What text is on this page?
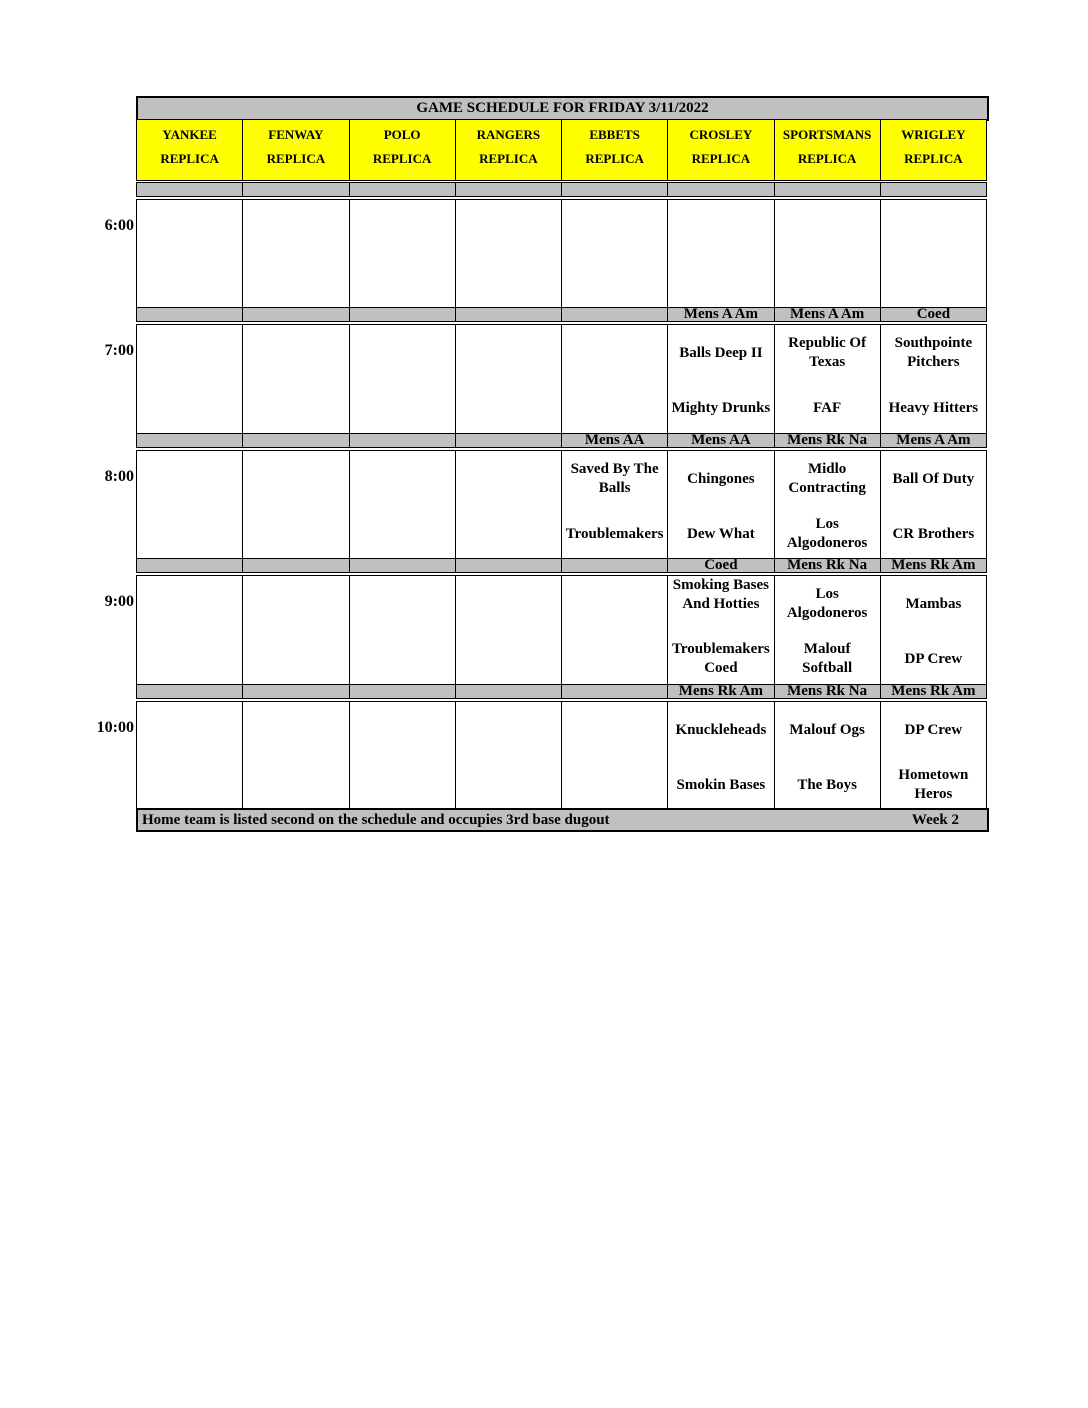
GAME SCHEDULE FOR FRIDAY 3/11/2022
YANKEE
REPLICA
FENWAY
REPLICA
POLO
REPLICA
RANGERS
REPLICA
EBBETS
REPLICA
CROSLEY
REPLICA
SPORTSMANS
REPLICA
WRIGLEY
REPLICA
Mens A Am
Balls Deep II
Mighty Drunks
Mens A Am
Republic Of Texas
FAF
Coed
Southpointe Pitchers
Heavy Hitters
Mens AA
Saved By The Balls
Troublemakers
Mens AA
Chingones
Dew What
Mens Rk Na
Midlo Contracting
Los Algodoneros
Mens A Am
Ball Of Duty
CR Brothers
Coed
Smoking Bases And Hotties
Troublemakers Coed
Mens Rk Na
Los Algodoneros
Malouf Softball
Mens Rk Am
Mambas
DP Crew
Mens Rk Am
Knuckleheads
Smokin Bases
Mens Rk Na
Malouf Ogs
The Boys
Mens Rk Am
DP Crew
Hometown Heros
Home team is listed second on the schedule and occupies 3rd base dugout	Week 2
6:00
7:00
8:00
9:00
10:00
